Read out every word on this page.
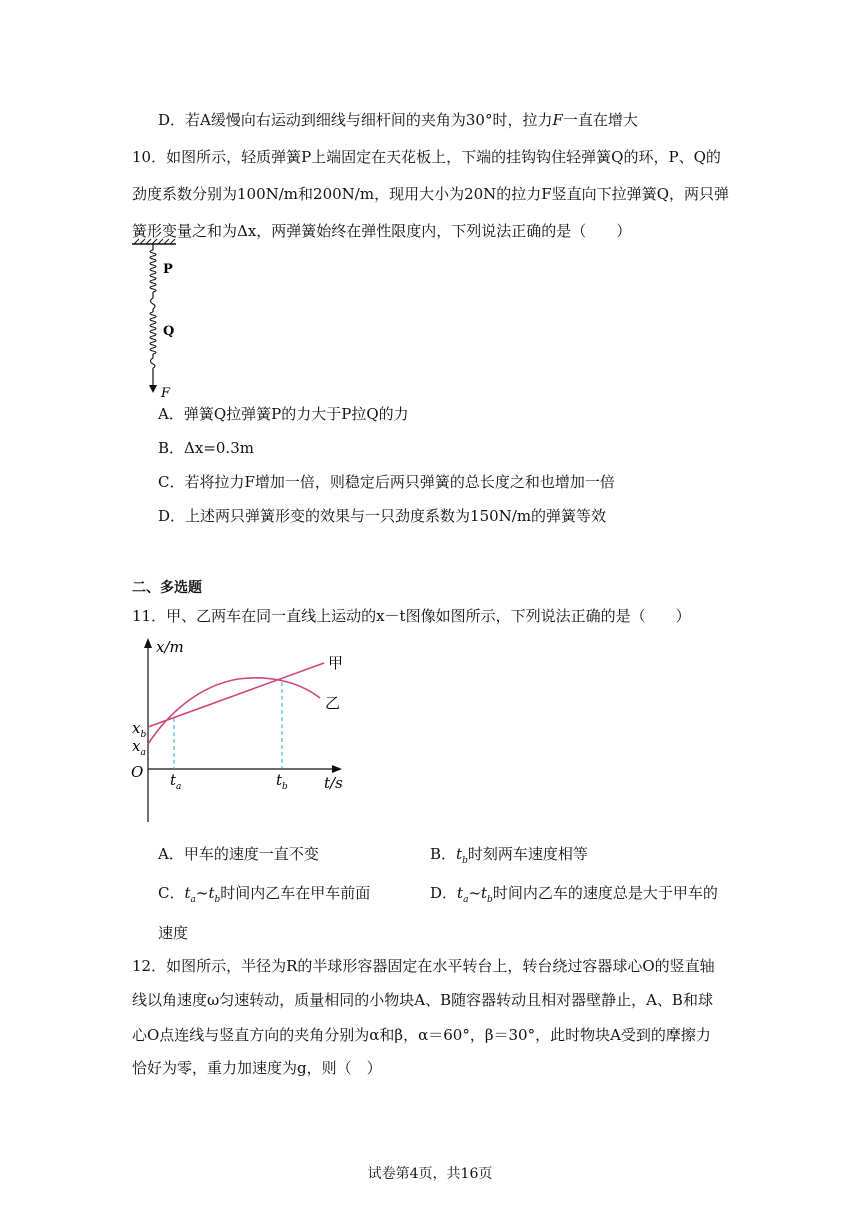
D．若A缓慢向右运动到细线与细杆间的夹角为30°时，拉力F一直在增大
10．如图所示，轻质弹簧P上端固定在天花板上，下端的挂钩钩住轻弹簧Q的环，P、Q的
劲度系数分别为100N/m和200N/m，现用大小为20N的拉力F竖直向下拉弹簧Q，两只弹
簧形变量之和为Δx，两弹簧始终在弹性限度内，下列说法正确的是（　　）
P
Q
F
A．弹簧Q拉弹簧P的力大于P拉Q的力
B．Δx=0.3m
C．若将拉力F增加一倍，则稳定后两只弹簧的总长度之和也增加一倍
D．上述两只弹簧形变的效果与一只劲度系数为150N/m的弹簧等效
二、多选题
11．甲、乙两车在同一直线上运动的x－t图像如图所示，下列说法正确的是（　　）
x/m
t/s
O
$x_b$
$x_a$
$t_a$	$t_b$
甲
乙
A．甲车的速度一直不变	B．$t_b$时刻两车速度相等
C．$t_a\sim t_b$时间内乙车在甲车前面	D．$t_a\sim t_b$时间内乙车的速度总是大于甲车的
速度
12．如图所示，半径为R的半球形容器固定在水平转台上，转台绕过容器球心O的竖直轴
线以角速度ω匀速转动，质量相同的小物块A、B随容器转动且相对器壁静止，A、B和球
心O点连线与竖直方向的夹角分别为α和β，α＝60°，β＝30°，此时物块A受到的摩擦力
恰好为零，重力加速度为g，则（　）
试卷第4页，共16页
